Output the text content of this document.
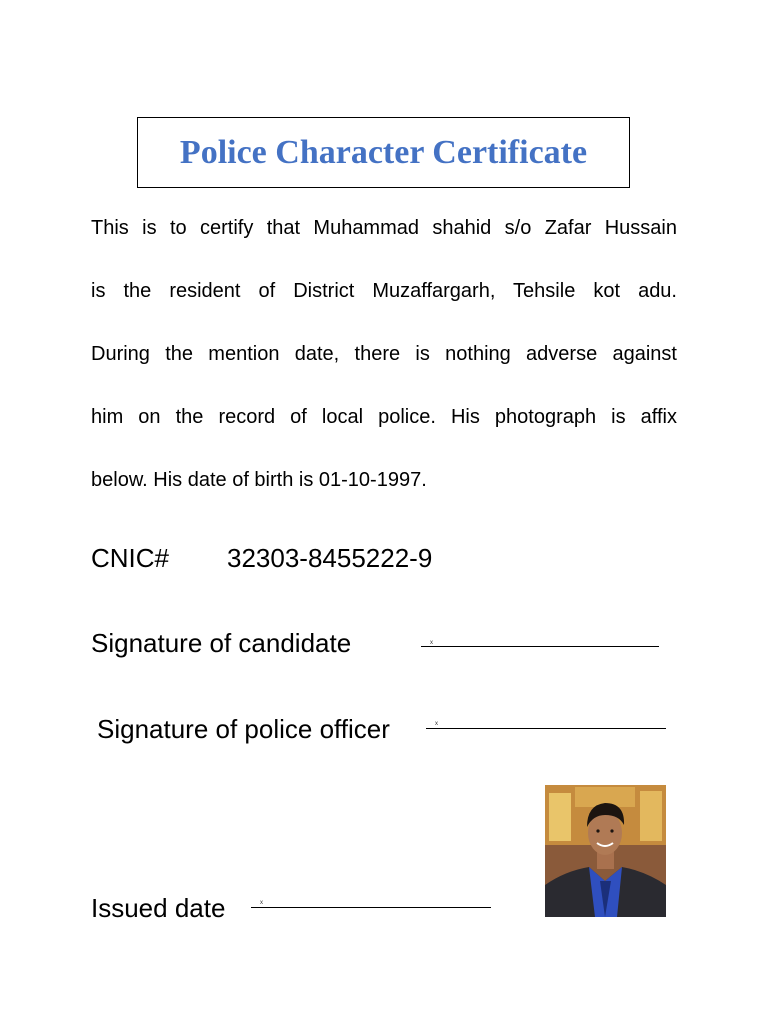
Police Character Certificate
This is to certify that Muhammad shahid s/o Zafar Hussain
is the resident of District Muzaffargarh, Tehsile kot adu.
During the mention date, there is nothing adverse against
him on the record of local police. His photograph is affix
below. His date of birth is 01-10-1997.
CNIC# 32303-8455222-9
Signature of candidate	x
Signature of police officer	x
Issued date	x
